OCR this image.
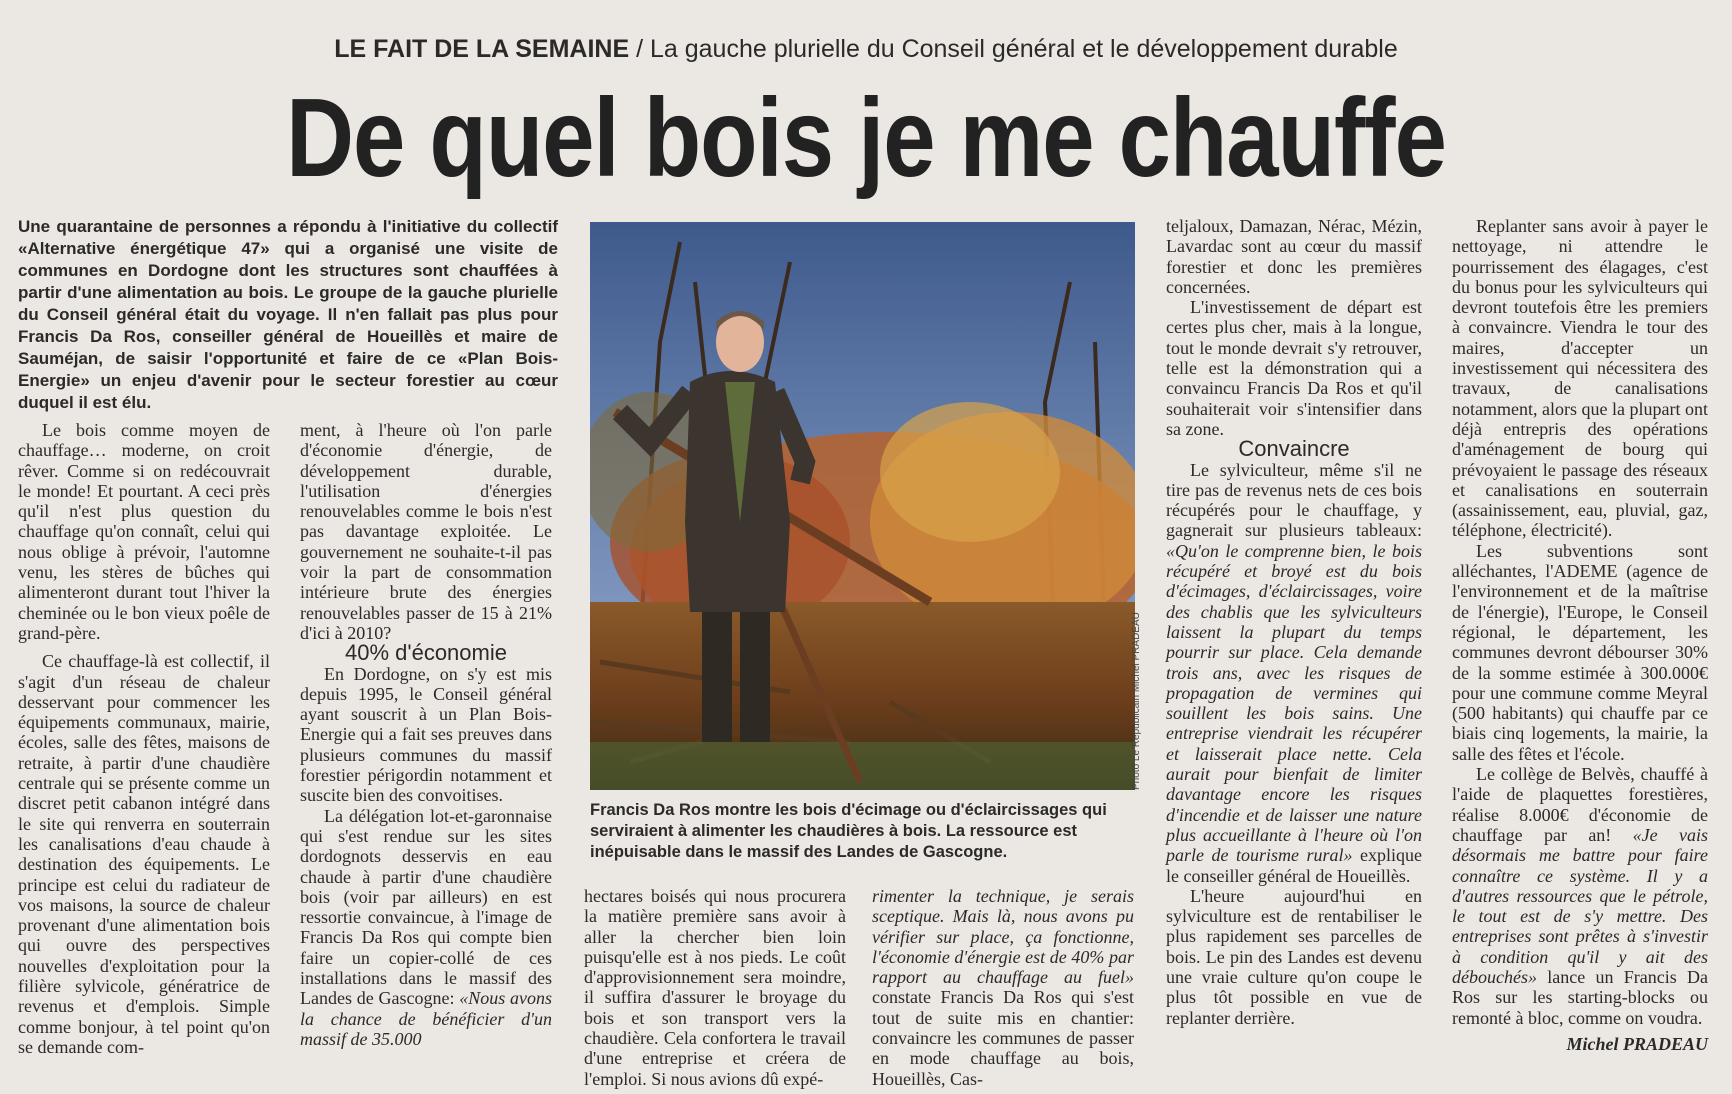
LE FAIT DE LA SEMAINE / La gauche plurielle du Conseil général et le développement durable
De quel bois je me chauffe
Une quarantaine de personnes a répondu à l'initiative du collectif «Alternative énergétique 47» qui a organisé une visite de communes en Dordogne dont les structures sont chauffées à partir d'une alimentation au bois. Le groupe de la gauche plurielle du Conseil général était du voyage. Il n'en fallait pas plus pour Francis Da Ros, conseiller général de Houeillès et maire de Sauméjan, de saisir l'opportunité et faire de ce «Plan Bois-Energie» un enjeu d'avenir pour le secteur forestier au cœur duquel il est élu.

Le bois comme moyen de chauffage… moderne, on croit rêver. Comme si on redécouvrait le monde! Et pourtant. A ceci près qu'il n'est plus question du chauffage qu'on connaît, celui qui nous oblige à prévoir, l'automne venu, les stères de bûches qui alimenteront durant tout l'hiver la cheminée ou le bon vieux poêle de grand-père.

Ce chauffage-là est collectif, il s'agit d'un réseau de chaleur desservant pour commencer les équipements communaux, mairie, écoles, salle des fêtes, maisons de retraite, à partir d'une chaudière centrale qui se présente comme un discret petit cabanon intégré dans le site qui renverra en souterrain les canalisations d'eau chaude à destination des équipements. Le principe est celui du radiateur de vos maisons, la source de chaleur provenant d'une alimentation bois qui ouvre des perspectives nouvelles d'exploitation pour la filière sylvicole, génératrice de revenus et d'emplois. Simple comme bonjour, à tel point qu'on se demande com-

ment, à l'heure où l'on parle d'économie d'énergie, de développement durable, l'utilisation d'énergies renouvelables comme le bois n'est pas davantage exploitée. Le gouvernement ne souhaite-t-il pas voir la part de consommation intérieure brute des énergies renouvelables passer de 15 à 21% d'ici à 2010?

40% d'économie

En Dordogne, on s'y est mis depuis 1995, le Conseil général ayant souscrit à un Plan Bois-Energie qui a fait ses preuves dans plusieurs communes du massif forestier périgordin notamment et suscite bien des convoitises.

La délégation lot-et-garonnaise qui s'est rendue sur les sites dordognots desservis en eau chaude à partir d'une chaudière bois (voir par ailleurs) en est ressortie convaincue, à l'image de Francis Da Ros qui compte bien faire un copier-collé de ces installations dans le massif des Landes de Gascogne: «Nous avons la chance de bénéficier d'un massif de 35.000

Photo Le Républicain Michel PRADEAU
Francis Da Ros montre les bois d'écimage ou d'éclaircissages qui serviraient à alimenter les chaudières à bois. La ressource est inépuisable dans le massif des Landes de Gascogne.

hectares boisés qui nous procurera la matière première sans avoir à aller la chercher bien loin puisqu'elle est à nos pieds. Le coût d'approvisionnement sera moindre, il suffira d'assurer le broyage du bois et son transport vers la chaudière. Cela confortera le travail d'une entreprise et créera de l'emploi. Si nous avions dû expé-

rimenter la technique, je serais sceptique. Mais là, nous avons pu vérifier sur place, ça fonctionne, l'économie d'énergie est de 40% par rapport au chauffage au fuel» constate Francis Da Ros qui s'est tout de suite mis en chantier: convaincre les communes de passer en mode chauffage au bois, Houeillès, Cas-

teljaloux, Damazan, Nérac, Mézin, Lavardac sont au cœur du massif forestier et donc les premières concernées.

L'investissement de départ est certes plus cher, mais à la longue, tout le monde devrait s'y retrouver, telle est la démonstration qui a convaincu Francis Da Ros et qu'il souhaiterait voir s'intensifier dans sa zone.

Convaincre

Le sylviculteur, même s'il ne tire pas de revenus nets de ces bois récupérés pour le chauffage, y gagnerait sur plusieurs tableaux: «Qu'on le comprenne bien, le bois récupéré et broyé est du bois d'écimages, d'éclaircissages, voire des chablis que les sylviculteurs laissent la plupart du temps pourrir sur place. Cela demande trois ans, avec les risques de propagation de vermines qui souillent les bois sains. Une entreprise viendrait les récupérer et laisserait place nette. Cela aurait pour bienfait de limiter davantage encore les risques d'incendie et de laisser une nature plus accueillante à l'heure où l'on parle de tourisme rural» explique le conseiller général de Houeillès.

L'heure aujourd'hui en sylviculture est de rentabiliser le plus rapidement ses parcelles de bois. Le pin des Landes est devenu une vraie culture qu'on coupe le plus tôt possible en vue de replanter derrière.

Replanter sans avoir à payer le nettoyage, ni attendre le pourrissement des élagages, c'est du bonus pour les sylviculteurs qui devront toutefois être les premiers à convaincre. Viendra le tour des maires, d'accepter un investissement qui nécessitera des travaux, de canalisations notamment, alors que la plupart ont déjà entrepris des opérations d'aménagement de bourg qui prévoyaient le passage des réseaux et canalisations en souterrain (assainissement, eau, pluvial, gaz, téléphone, électricité).

Les subventions sont alléchantes, l'ADEME (agence de l'environnement et de la maîtrise de l'énergie), l'Europe, le Conseil régional, le département, les communes devront débourser 30% de la somme estimée à 300.000€ pour une commune comme Meyral (500 habitants) qui chauffe par ce biais cinq logements, la mairie, la salle des fêtes et l'école.

Le collège de Belvès, chauffé à l'aide de plaquettes forestières, réalise 8.000€ d'économie de chauffage par an! «Je vais désormais me battre pour faire connaître ce système. Il y a d'autres ressources que le pétrole, le tout est de s'y mettre. Des entreprises sont prêtes à s'investir à condition qu'il y ait des débouchés» lance un Francis Da Ros sur les starting-blocks ou remonté à bloc, comme on voudra.

Michel PRADEAU
